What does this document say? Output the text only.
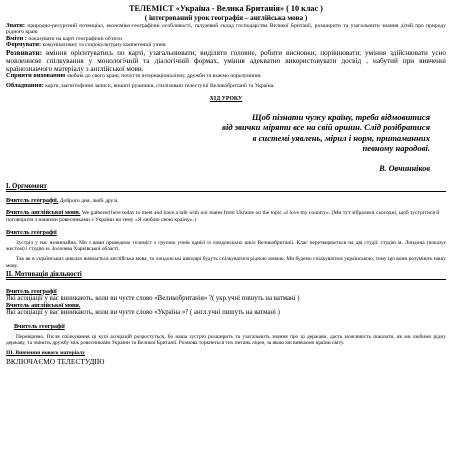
ТЕЛЕМІСТ «Україна - Велика Британія» ( 10 клас )
( інтегрований урок географія – англійська мова )
Знати: природно-ресурсний потенціал, економіко-географічні особливості, галузевий склад господарства Великої Британії, розширити та узагальнити знання дітей про природу рідного краю
Вміти : показувати на карті географічні об'єкти
Формувати: комунікативну та соціокультурну компетенції учнів
Розвивати: вміння орієнтуватись по карті, узагальнювати, виділяти головне, робити висновки, порівнювати; уміння здійснювати усно мовленнєве спілкування у монологічній та діалогічній формах, уміння адекватно використовувати досвід , набутий при вивченні країнознавчого матеріалу з англійської мови.
Сприяти вихованню любові до свого краю, почуття інтернаціоналізму, дружби та взаємо порозуміння.
Обладнання: карти, магнітофонні записи, вишиті рушники, стилізовані телеступії Великобританії та Україна.
ХІД УРОКУ
Щоб пізнати чужу країну, треба відмовитися
від звички міряти все на свій аршин. Слід розібратися
в системі уявлень, мірил і норм, притаманних
певному народові.
В. Овчинніков
І. Оргмомент
Вчитель географії. Доброго дня, любі друзі.
Вчитель англійської мови. We gathered here today to meet and have a talk with our mates from Ukraine on the topic «I love my country». (Ми тут зібралися сьогодні, щоб зустрітися й поговорити з нашими ровесниками з України на тему «Я люблю свою країну».)
Вчитель географії
Зустріч у нас незвичайна. Ми з вами проведемо телеміст з групою учнів однієї із лондонських шкіл Великобританії. Клас перетворюється на дві студії: студію м. Лондона (показує жестом) і студію м. Золочева Харківської області.
Так як в українських школах вивчається англійська мова, то лондонські школярі будуть спілкуватися рідною мовою. Ми будемо спілкуватися українською, тому що вони розуміють нашу мову.
ІІ. Мотивація діяльності
Вчитель географії
Які асоціації у вас виникають, коли ви чуєте слово «Великобританія» ?( укр.учні пишуть на ватмані )
Вчитель англійської мови.
Які асоціації у вас виникають, коли ви чуєте слово «Україна »? ( англ.учні пишуть на ватмані )
Вчитель географії
Перевіримо. Після спілкування ці купі асоціацій розростуться, бо наша зустріч розширить та узагальнить знання про ці держави, дасть можливість показати, як ми любимо рідну державу, та змінить дружбу між ровесниками України та Великої Британії. Розмова торкнеться тих питань ліцея, за якою ми вивчаємо країни світу.
ІІІ. Вивчення нового матеріалу
ВКЛЮЧАЄМО ТЕЛЕСТУДІЮ
